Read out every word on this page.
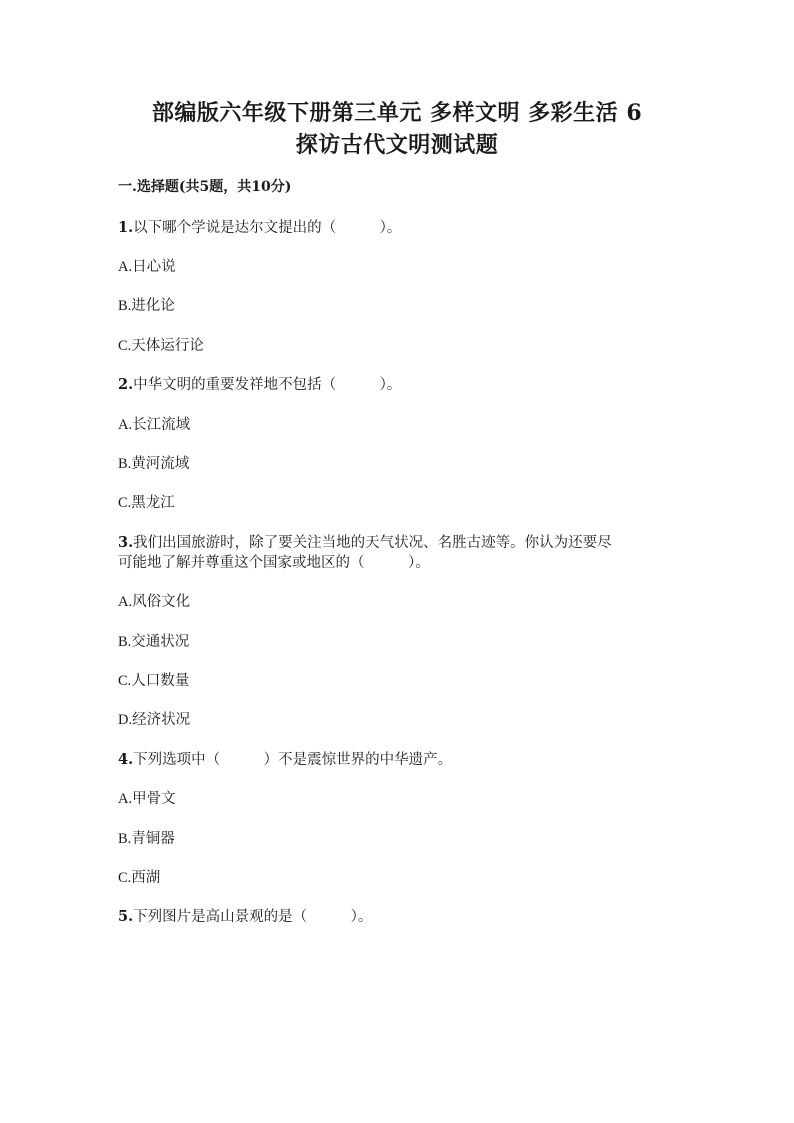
部编版六年级下册第三单元 多样文明 多彩生活 6
探访古代文明测试题
一.选择题(共5题，共10分)
1.以下哪个学说是达尔文提出的（　　　）。
A.日心说
B.进化论
C.天体运行论
2.中华文明的重要发祥地不包括（　　　）。
A.长江流域
B.黄河流域
C.黑龙江
3.我们出国旅游时，除了要关注当地的天气状况、名胜古迹等。你认为还要尽
可能地了解并尊重这个国家或地区的（　　　）。
A.风俗文化
B.交通状况
C.人口数量
D.经济状况
4.下列选项中（　　　）不是震惊世界的中华遗产。
A.甲骨文
B.青铜器
C.西湖
5.下列图片是高山景观的是（　　　）。
